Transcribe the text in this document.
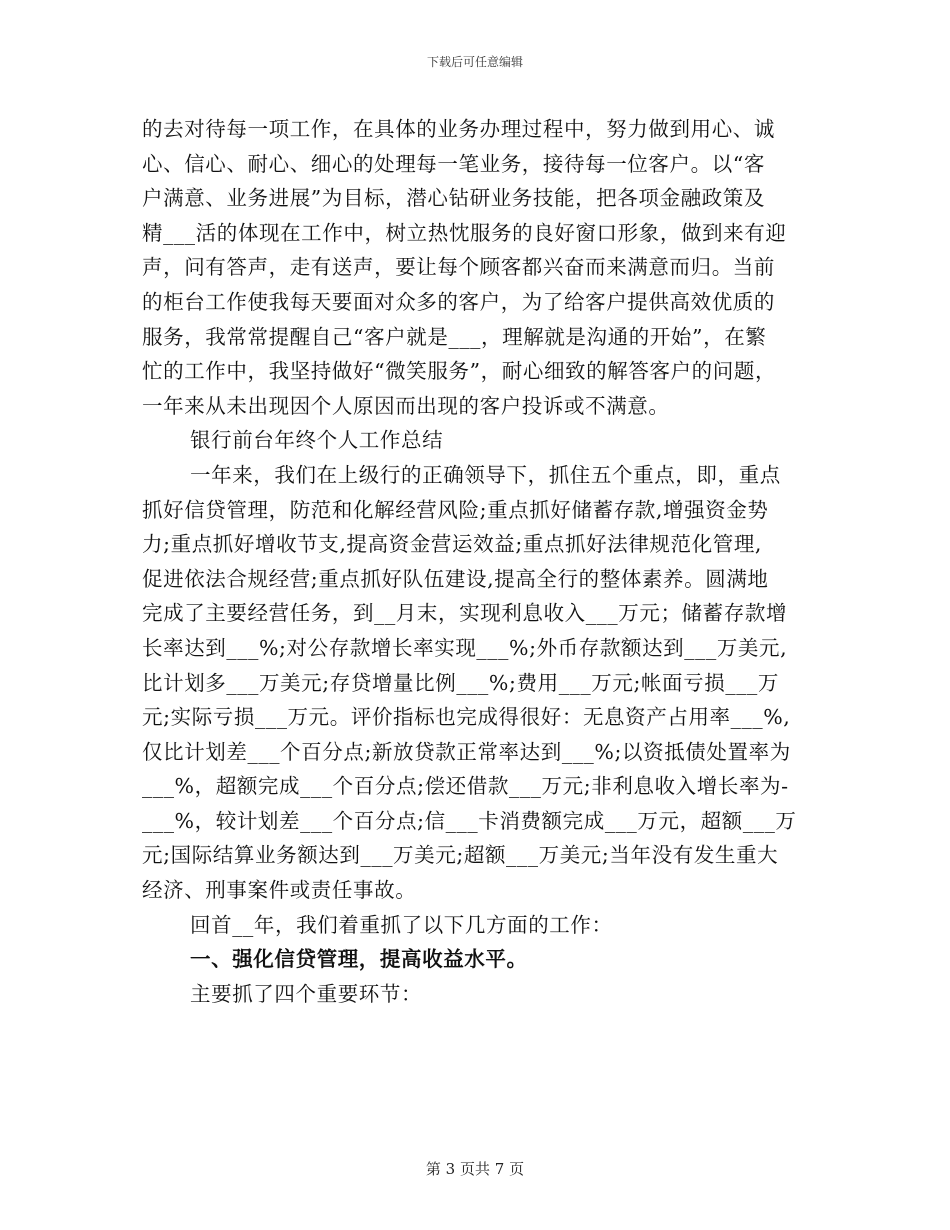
下载后可任意编辑
的去对待每一项工作，在具体的业务办理过程中，努力做到用心、诚
心、信心、耐心、细心的处理每一笔业务，接待每一位客户。以“客
户满意、业务进展”为目标，潜心钻研业务技能，把各项金融政策及
精___活的体现在工作中，树立热忱服务的良好窗口形象，做到来有迎
声，问有答声，走有送声，要让每个顾客都兴奋而来满意而归。当前
的柜台工作使我每天要面对众多的客户，为了给客户提供高效优质的
服务，我常常提醒自己“客户就是___，理解就是沟通的开始”，在繁
忙的工作中，我坚持做好“微笑服务”，耐心细致的解答客户的问题，
一年来从未出现因个人原因而出现的客户投诉或不满意。
银行前台年终个人工作总结
一年来，我们在上级行的正确领导下，抓住五个重点，即，重点
抓好信贷管理，防范和化解经营风险;重点抓好储蓄存款,增强资金势
力;重点抓好增收节支,提高资金营运效益;重点抓好法律规范化管理,
促进依法合规经营;重点抓好队伍建设,提高全行的整体素养。圆满地
完成了主要经营任务，到__月末，实现利息收入___万元；储蓄存款增
长率达到___%;对公存款增长率实现___%;外币存款额达到___万美元,
比计划多___万美元;存贷增量比例___%;费用___万元;帐面亏损___万
元;实际亏损___万元。评价指标也完成得很好：无息资产占用率___%,
仅比计划差___个百分点;新放贷款正常率达到___%;以资抵债处置率为
___%，超额完成___个百分点;偿还借款___万元;非利息收入增长率为-
___%，较计划差___个百分点;信___卡消费额完成___万元，超额___万
元;国际结算业务额达到___万美元;超额___万美元;当年没有发生重大
经济、刑事案件或责任事故。
回首__年，我们着重抓了以下几方面的工作：
一、强化信贷管理，提高收益水平。
主要抓了四个重要环节：
第 3 页共 7 页
